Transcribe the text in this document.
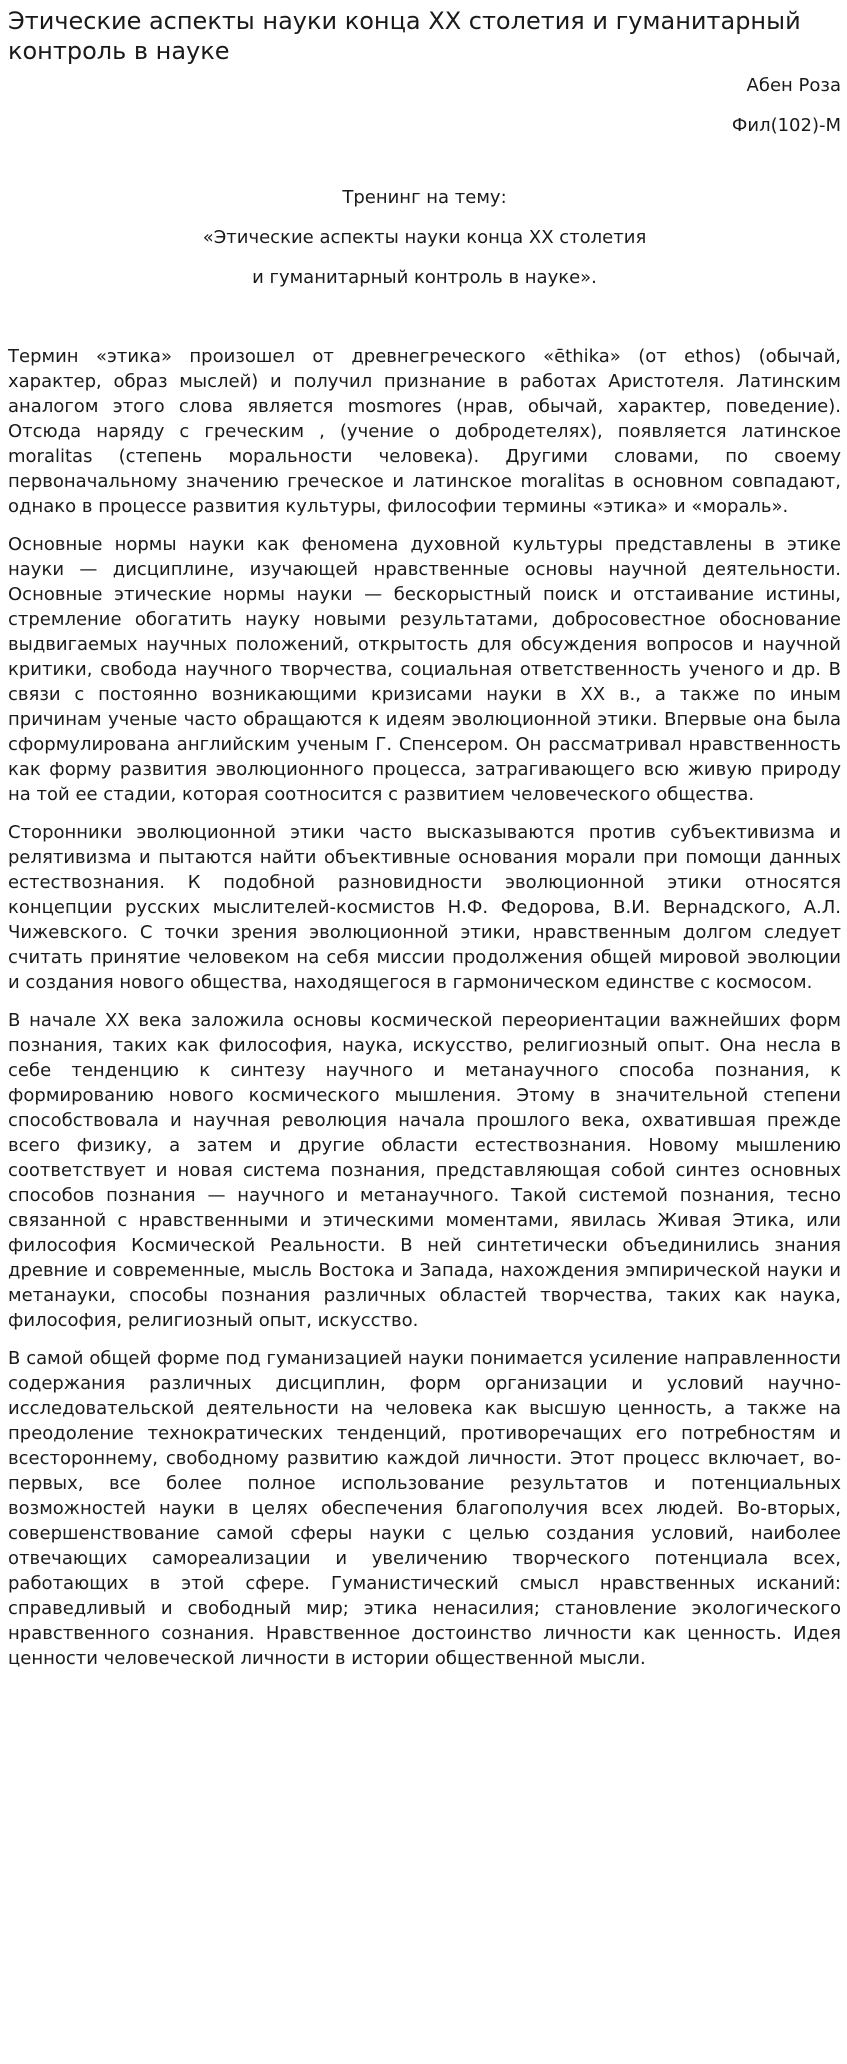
Этические аспекты науки конца ХХ столетия и гуманитарный контроль в науке

Абен Роза

Фил(102)-М

Тренинг на тему:

«Этические аспекты науки конца ХХ столетия

и гуманитарный контроль в науке».

Термин «этика» произошел от древнегреческого «ēthika» (от ethos) (обычай, характер, образ мыслей) и получил признание в работах Аристотеля. Латинским аналогом этого слова является mosmores (нрав, обычай, характер, поведение). Отсюда наряду с греческим , (учение о добродетелях), появляется латинское moralitas (степень моральности человека). Другими словами, по своему первоначальному значению греческое и латинское moralitas в основном совпадают, однако в процессе развития культуры, философии термины «этика» и «мораль».

Основные нормы науки как феномена духовной культуры представлены в этике науки — дисциплине, изучающей нравственные основы научной деятельности. Основные этические нормы науки — бескорыстный поиск и отстаивание истины, стремление обогатить науку новыми результатами, добросовестное обоснование выдвигаемых научных положений, открытость для обсуждения вопросов и научной критики, свобода научного творчества, социальная ответственность ученого и др. В связи с постоянно возникающими кризисами науки в XX в., а также по иным причинам ученые часто обращаются к идеям эволюционной этики. Впервые она была сформулирована английским ученым Г. Спенсером. Он рассматривал нравственность как форму развития эволюционного процесса, затрагивающего всю живую природу на той ее стадии, которая соотносится с развитием человеческого общества.

Сторонники эволюционной этики часто высказываются против субъективизма и релятивизма и пытаются найти объективные основания морали при помощи данных естествознания. К подобной разновидности эволюционной этики относятся концепции русских мыслителей-космистов Н.Ф. Федорова, В.И. Вернадского, А.Л. Чижевского. С точки зрения эволюционной этики, нравственным долгом следует считать принятие человеком на себя миссии продолжения общей мировой эволюции и создания нового общества, находящегося в гармоническом единстве с космосом.

В начале XX века заложила основы космической переориентации важнейших форм познания, таких как философия, наука, искусство, религиозный опыт. Она несла в себе тенденцию к синтезу научного и метанаучного способа познания, к формированию нового космического мышления. Этому в значительной степени способствовала и научная революция начала прошлого века, охватившая прежде всего физику, а затем и другие области естествознания. Новому мышлению соответствует и новая система познания, представляющая собой синтез основных способов познания — научного и метанаучного. Такой системой познания, тесно связанной с нравственными и этическими моментами, явилась Живая Этика, или философия Космической Реальности. В ней синтетически объединились знания древние и современные, мысль Востока и Запада, нахождения эмпирической науки и метанауки, способы познания различных областей творчества, таких как наука, философия, религиозный опыт, искусство.

В самой общей форме под гуманизацией науки понимается усиление направленности содержания различных дисциплин, форм организации и условий научно-исследовательской деятельности на человека как высшую ценность, а также на преодоление технократических тенденций, противоречащих его потребностям и всестороннему, свободному развитию каждой личности. Этот процесс включает, во-первых, все более полное использование результатов и потенциальных возможностей науки в целях обеспечения благополучия всех людей. Во-вторых, совершенствование самой сферы науки с целью создания условий, наиболее отвечающих самореализации и увеличению творческого потенциала всех, работающих в этой сфере. Гуманистический смысл нравственных исканий: справедливый и свободный мир; этика ненасилия; становление экологического нравственного сознания. Нравственное достоинство личности как ценность. Идея ценности человеческой личности в истории общественной мысли.
